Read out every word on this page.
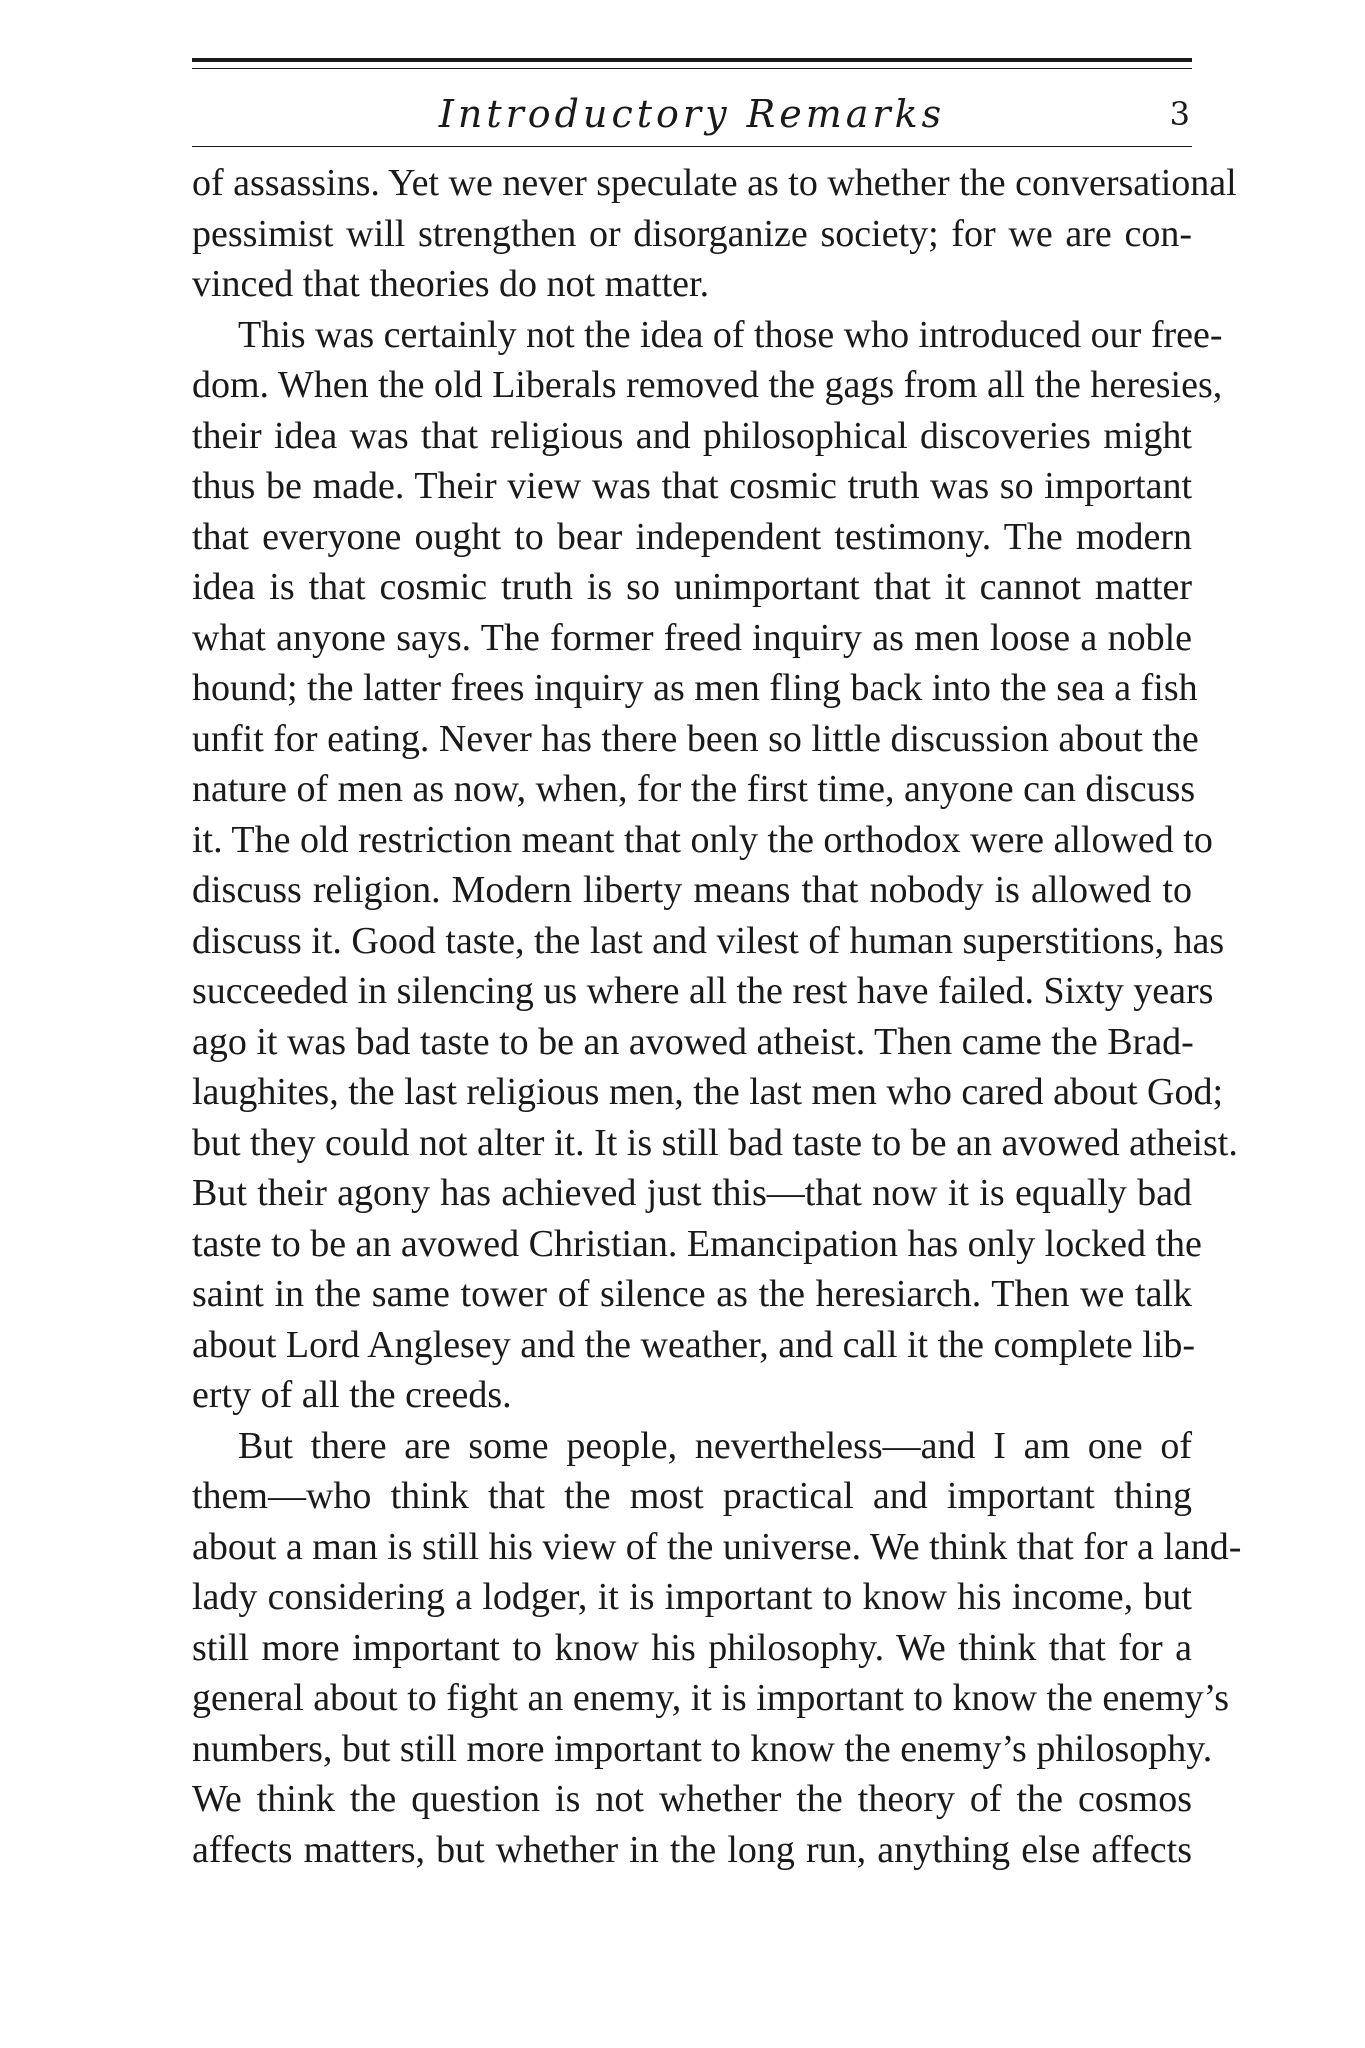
Introductory Remarks	3
of assassins. Yet we never speculate as to whether the conversational
pessimist will strengthen or disorganize society; for we are con-
vinced that theories do not matter.
This was certainly not the idea of those who introduced our free-
dom. When the old Liberals removed the gags from all the heresies,
their idea was that religious and philosophical discoveries might
thus be made. Their view was that cosmic truth was so important
that everyone ought to bear independent testimony. The modern
idea is that cosmic truth is so unimportant that it cannot matter
what anyone says. The former freed inquiry as men loose a noble
hound; the latter frees inquiry as men fling back into the sea a fish
unfit for eating. Never has there been so little discussion about the
nature of men as now, when, for the first time, anyone can discuss
it. The old restriction meant that only the orthodox were allowed to
discuss religion. Modern liberty means that nobody is allowed to
discuss it. Good taste, the last and vilest of human superstitions, has
succeeded in silencing us where all the rest have failed. Sixty years
ago it was bad taste to be an avowed atheist. Then came the Brad-
laughites, the last religious men, the last men who cared about God;
but they could not alter it. It is still bad taste to be an avowed atheist.
But their agony has achieved just this—that now it is equally bad
taste to be an avowed Christian. Emancipation has only locked the
saint in the same tower of silence as the heresiarch. Then we talk
about Lord Anglesey and the weather, and call it the complete lib-
erty of all the creeds.
But there are some people, nevertheless—and I am one of
them—who think that the most practical and important thing
about a man is still his view of the universe. We think that for a land-
lady considering a lodger, it is important to know his income, but
still more important to know his philosophy. We think that for a
general about to fight an enemy, it is important to know the enemy’s
numbers, but still more important to know the enemy’s philosophy.
We think the question is not whether the theory of the cosmos
affects matters, but whether in the long run, anything else affects
